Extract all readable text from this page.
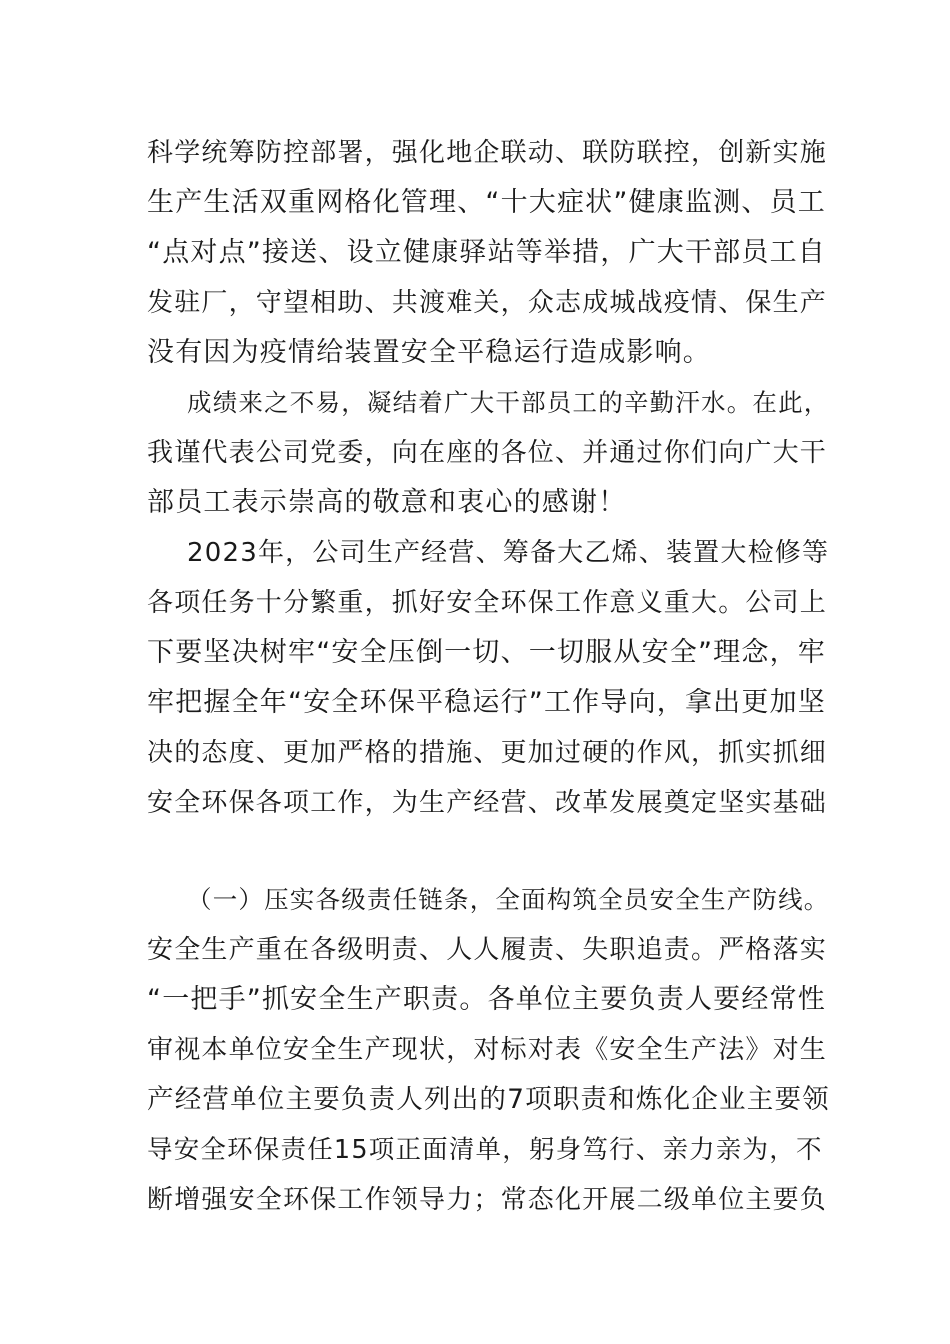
科学统筹防控部署，强化地企联动、联防联控，创新实施
生产生活双重网格化管理、“十大症状”健康监测、员工
“点对点”接送、设立健康驿站等举措，广大干部员工自
发驻厂，守望相助、共渡难关，众志成城战疫情、保生产
没有因为疫情给装置安全平稳运行造成影响。
成绩来之不易，凝结着广大干部员工的辛勤汗水。在此，
我谨代表公司党委，向在座的各位、并通过你们向广大干
部员工表示崇高的敬意和衷心的感谢！
2023年，公司生产经营、筹备大乙烯、装置大检修等
各项任务十分繁重，抓好安全环保工作意义重大。公司上
下要坚决树牢“安全压倒一切、一切服从安全”理念，牢
牢把握全年“安全环保平稳运行”工作导向，拿出更加坚
决的态度、更加严格的措施、更加过硬的作风，抓实抓细
安全环保各项工作，为生产经营、改革发展奠定坚实基础
（一）压实各级责任链条，全面构筑全员安全生产防线。
安全生产重在各级明责、人人履责、失职追责。严格落实
“一把手”抓安全生产职责。各单位主要负责人要经常性
审视本单位安全生产现状，对标对表《安全生产法》对生
产经营单位主要负责人列出的7项职责和炼化企业主要领
导安全环保责任15项正面清单，躬身笃行、亲力亲为，不
断增强安全环保工作领导力；常态化开展二级单位主要负
